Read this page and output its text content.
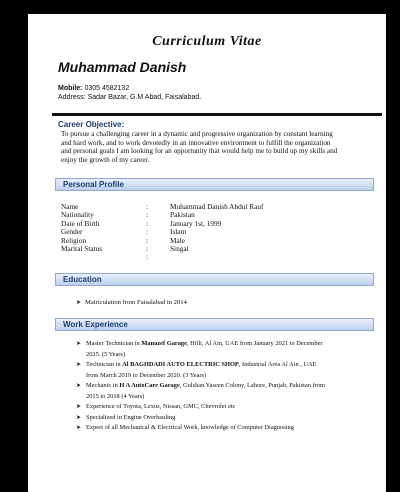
Curriculum Vitae
Muhammad Danish
Mobile: 0305 4582132
Address: Sadar Bazar, G.M Abad, Faisalabad.
Career Objective:
To pursue a challenging career in a dynamic and progressive organization by constant learning and hard work, and to work devotedly in an innovative environment to fulfill the organization and personal goals I am looking for an opportunity that would help me to build up my skills and enjoy the growth of my career.
Personal Profile
Name	:	Muhammad Danish Abdul Rauf
Nationality	:	Pakistan
Date of Birth	:	January 1st, 1999
Gender	:	Islam
Religion	:	Male
Marital Status	:	Singal
:
Education
➤ Matriculation from Faisalabad in 2014
Work Experience
➤ Master Technician in Manazef Garage, Hilli, Al Ain, UAE from January 2021 to December
2025. (5 Years)
➤ Technician in Al BAGHDADI AUTO ELECTRIC SHOP, Industrial Area Al Ain , UAE
from March 2019 to December 2020. (3 Years)
➤ Mechanic in H A AutoCare Garage, Gulshan Yaseen Colony, Lahore, Punjab, Pakistan from
2015 to 2018 (4 Years)
➤ Experience of Toyota, Lexus, Nissan, GMC, Chevrolet etc
➤ Specialized in Engine Overhauling
➤ Expert of all Mechanical & Electrical Work, knowledge of Computer Diagnosing
